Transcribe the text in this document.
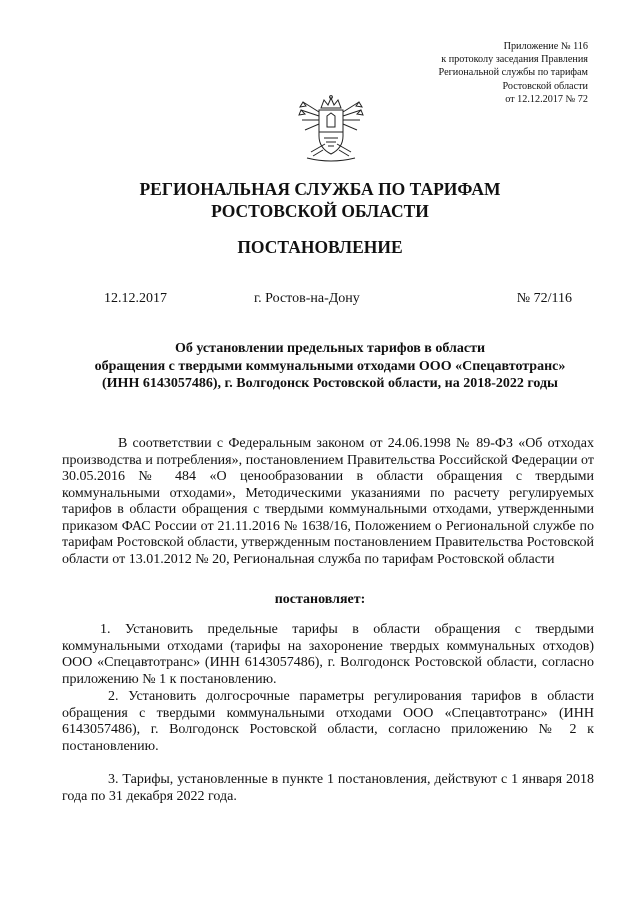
Приложение № 116
к протоколу заседания Правления
Региональной службы по тарифам
Ростовской области
от 12.12.2017 № 72
РЕГИОНАЛЬНАЯ СЛУЖБА ПО ТАРИФАМ
РОСТОВСКОЙ ОБЛАСТИ
ПОСТАНОВЛЕНИЕ
12.12.2017	г. Ростов-на-Дону	№ 72/116
Об установлении предельных тарифов в области
обращения с твердыми коммунальными отходами ООО «Спецавтотранс»
(ИНН 6143057486), г. Волгодонск Ростовской области, на 2018-2022 годы
В соответствии с Федеральным законом от 24.06.1998 № 89-ФЗ «Об отходах производства и потребления», постановлением Правительства Российской Федерации от 30.05.2016 № 484 «О ценообразовании в области обращения с твердыми коммунальными отходами», Методическими указаниями по расчету регулируемых тарифов в области обращения с твердыми коммунальными отходами, утвержденными приказом ФАС России от 21.11.2016 № 1638/16, Положением о Региональной службе по тарифам Ростовской области, утвержденным постановлением Правительства Ростовской области от 13.01.2012 № 20, Региональная служба по тарифам Ростовской области
постановляет:
1. Установить предельные тарифы в области обращения с твердыми коммунальными отходами (тарифы на захоронение твердых коммунальных отходов) ООО «Спецавтотранс» (ИНН 6143057486), г. Волгодонск Ростовской области, согласно приложению № 1 к постановлению.
2. Установить долгосрочные параметры регулирования тарифов в области обращения с твердыми коммунальными отходами ООО «Спецавтотранс» (ИНН 6143057486), г. Волгодонск Ростовской области, согласно приложению № 2 к постановлению.
3. Тарифы, установленные в пункте 1 постановления, действуют с 1 января 2018 года по 31 декабря 2022 года.
